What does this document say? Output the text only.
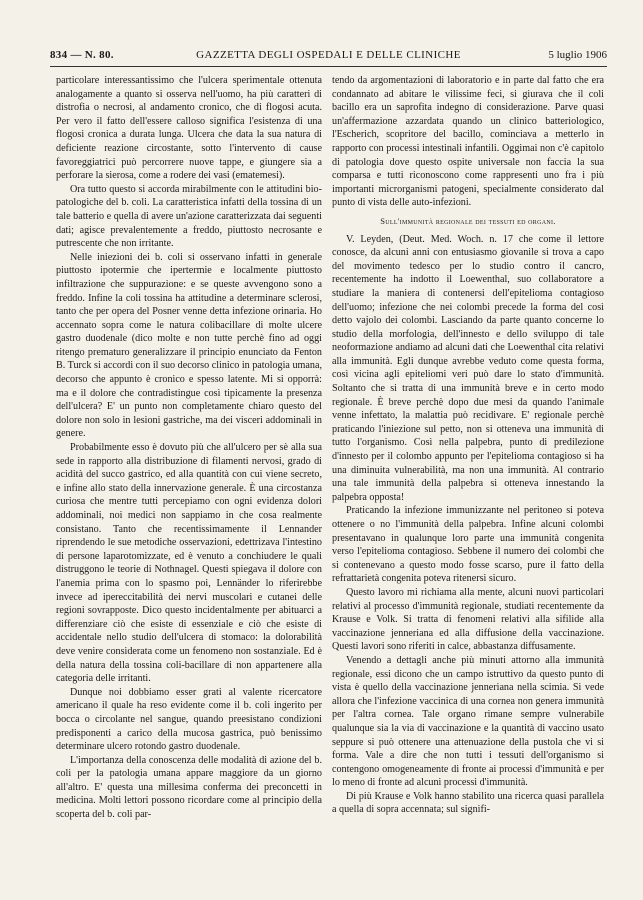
834 — N. 80.	GAZZETTA DEGLI OSPEDALI E DELLE CLINICHE	5 luglio 1906

particolare interessantissimo che l'ulcera sperimentale ottenuta analogamente a quanto si osserva nell'uomo, ha più caratteri di distrofia o necrosi, al andamento cronico, che di flogosi acuta. Per vero il fatto dell'essere calloso significa l'esistenza di una flogosi cronica a durata lunga. Ulcera che data la sua natura di deficiente reazione circostante, sotto l'intervento di cause favoreggiatrici può percorrere nuove tappe, e giungere sia a perforare la sierosa, come a rodere dei vasi (ematemesi).

Ora tutto questo si accorda mirabilmente con le attitudini bio-patologiche del b. coli. La caratteristica infatti della tossina di un tale batterio e quella di avere un'azione caratterizzata dai seguenti dati; agisce prevalentemente a freddo, piuttosto necrosante e putrescente che non irritante.

Nelle iniezioni dei b. coli si osservano infatti in generale piuttosto ipotermie che ipertermie e localmente piuttosto infiltrazione che suppurazione: e se queste avvengono sono a freddo. Infine la coli tossina ha attitudine a determinare sclerosi, tanto che per opera del Posner venne detta infezione orinaria. Ho accennato sopra come le natura colibacillare di molte ulcere gastro duodenale (dico molte e non tutte perchè fino ad oggi ritengo prematuro generalizzare il principio enunciato da Fenton B. Turck si accordi con il suo decorso clinico in patologia umana, decorso che appunto è cronico e spesso latente. Mi si opporrà: ma e il dolore che contradistingue così tipicamente la presenza dell'ulcera? E' un punto non completamente chiaro questo del dolore non solo in lesioni gastriche, ma dei visceri addominali in genere.

Probabilmente esso è dovuto più che all'ulcero per sè alla sua sede in rapporto alla distribuzione di filamenti nervosi, grado di acidità del succo gastrico, ed alla quantità con cui viene secreto, e infine allo stato della innervazione generale. È una circostanza curiosa che mentre tutti percepiamo con ogni evidenza dolori addominali, noi medici non sappiamo in che cosa realmente consistano. Tanto che recentissimamente il Lennander riprendendo le sue metodiche osservazioni, edettrizava l'intestino di persone laparotomizzate, ed è venuto a conchiudere le quali distruggono le teorie di Nothnagel. Questi spiegava il dolore con l'anemia prima con lo spasmo poi, Lennänder lo riferirebbe invece ad ipereccitabilità dei nervi muscolari e cutanei delle regioni sovrapposte. Dico questo incidentalmente per abituarci a differenziare ciò che esiste di essenziale e ciò che esiste di accidentale nello studio dell'ulcera di stomaco: la dolorabilità deve venire considerata come un fenomeno non sostanziale. Ed è della natura della tossina coli-bacillare di non appartenere alla categoria delle irritanti.

Dunque noi dobbiamo esser grati al valente ricercatore americano il quale ha reso evidente come il b. coli ingerito per bocca o circolante nel sangue, quando preesistano condizioni predisponenti a carico della mucosa gastrica, può benissimo determinare ulcero rotondo gastro duodenale.

L'importanza della conoscenza delle modalità di azione del b. coli per la patologia umana appare maggiore da un giorno all'altro. E' questa una millesima conferma dei preconcetti in medicina. Molti lettori possono ricordare come al principio della scoperta del b. coli par-

tendo da argomentazioni di laboratorio e in parte dal fatto che era condannato ad abitare le vilissime feci, si giurava che il coli bacillo era un saprofita indegno di considerazione. Parve quasi un'affermazione azzardata quando un clinico batteriologico, l'Escherich, scopritore del bacillo, cominciava a metterlo in rapporto con processi intestinali infantili. Oggimai non c'è capitolo di patologia dove questo ospite universale non faccia la sua comparsa e tutti riconoscono come rappresenti uno fra i più importanti microrganismi patogeni, specialmente considerato dal punto di vista delle auto-infezioni.

Sull'immunità regionale dei tessuti ed organi.

V. Leyden, (Deut. Med. Woch. n. 17 che come il lettore conosce, da alcuni anni con entusiasmo giovanile si trova a capo del movimento tedesco per lo studio contro il cancro, recentemente ha indotto il Loewenthal, suo collaboratore a studiare la maniera di contenersi dell'epitelioma contagioso dell'uomo; infezione che nei colombi precede la forma del così detto vajolo dei colombi. Lasciando da parte quanto concerne lo studio della morfologia, dell'innesto e dello sviluppo di tale neoformazione andiamo ad alcuni dati che Loewenthal cita relativi alla immunità. Egli dunque avrebbe veduto come questa forma, così vicina agli epiteliomi veri può dare lo stato d'immunità. Soltanto che si tratta di una immunità breve e in certo modo regionale. È breve perchè dopo due mesi da quando l'animale venne infettato, la malattia può recidivare. E' regionale perchè praticando l'iniezione sul petto, non si otteneva una immunità di tutto l'organismo. Così nella palpebra, punto di predilezione d'innesto per il colombo appunto per l'epitelioma contagioso si ha una diminuita vulnerabilità, ma non una immunità. Al contrario una tale immunità della palpebra si otteneva innestando la palpebra opposta!

Praticando la infezione immunizzante nel peritoneo si poteva ottenere o no l'immunità della palpebra. Infine alcuni colombi presentavano in qualunque loro parte una immunità congenita verso l'epitelioma contagioso. Sebbene il numero dei colombi che si contenevano a questo modo fosse scarso, pure il fatto della refrattarietà congenita poteva ritenersi sicuro.

Questo lavoro mi richiama alla mente, alcuni nuovi particolari relativi al processo d'immunità regionale, studiati recentemente da Krause e Volk. Si tratta di fenomeni relativi alla sifilide alla vaccinazione jenneriana ed alla diffusione della vaccinazione. Questi lavori sono riferiti in calce, abbastanza diffusamente.

Venendo a dettagli anche più minuti attorno alla immunità regionale, essi dicono che un campo istruttivo da questo punto di vista è quello della vaccinazione jenneriana nella scimia. Si vede allora che l'infezione vaccinica di una cornea non genera immunità per l'altra cornea. Tale organo rimane sempre vulnerabile qualunque sia la via di vaccinazione e la quantità di vaccino usato seppure si può ottenere una attenuazione della pustola che vi si forma. Vale a dire che non tutti i tessuti dell'organismo si contengono omogeneamente di fronte ai processi d'immunità e per lo meno di fronte ad alcuni processi d'immunità.

Di più Krause e Volk hanno stabilito una ricerca quasi parallela a quella di sopra accennata; sul signifi-
